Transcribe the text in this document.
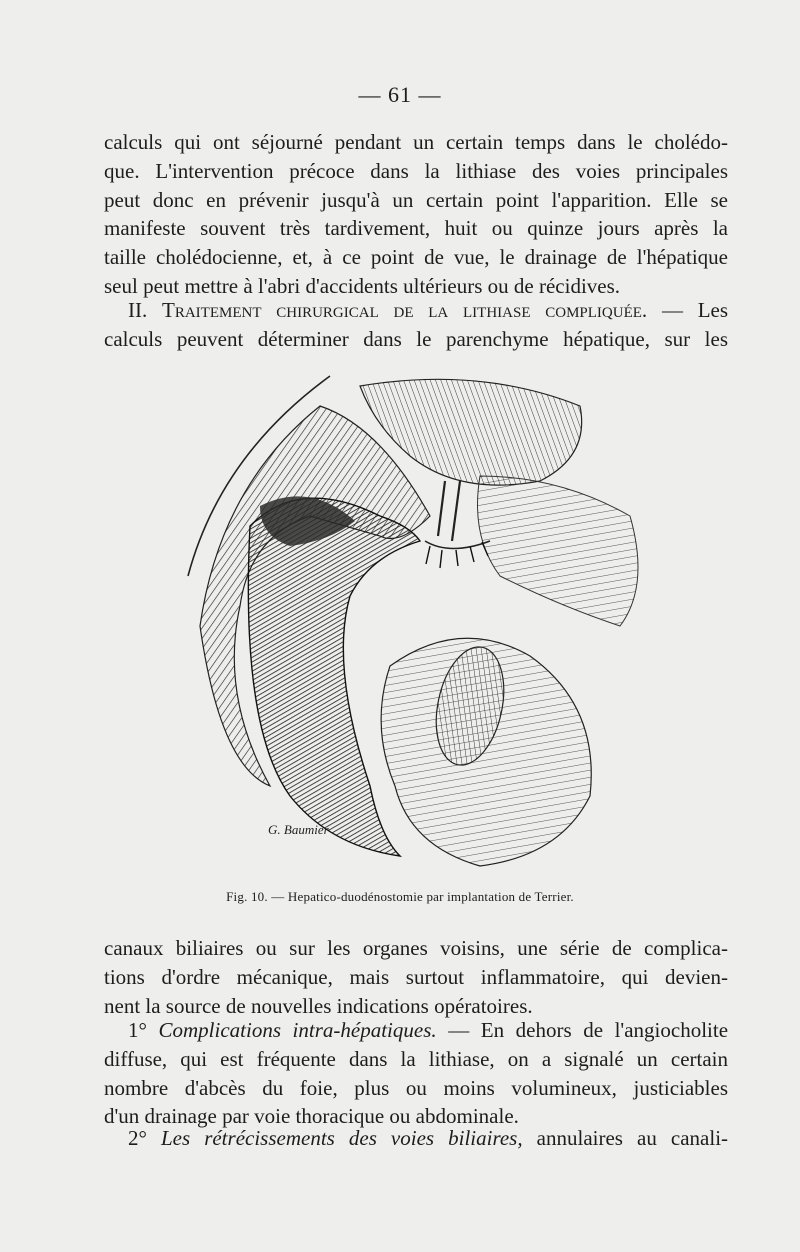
— 61 —
calculs qui ont séjourné pendant un certain temps dans le cholédo-
que. L'intervention précoce dans la lithiase des voies principales
peut donc en prévenir jusqu'à un certain point l'apparition. Elle se
manifeste souvent très tardivement, huit ou quinze jours après la
taille cholédocienne, et, à ce point de vue, le drainage de l'hépatique
seul peut mettre à l'abri d'accidents ultérieurs ou de récidives.
II. Traitement chirurgical de la lithiase compliquée. — Les
calculs peuvent déterminer dans le parenchyme hépatique, sur les
G. Baumier
Fig. 10. — Hepatico-duodénostomie par implantation de Terrier.
canaux biliaires ou sur les organes voisins, une série de complica-
tions d'ordre mécanique, mais surtout inflammatoire, qui devien-
nent la source de nouvelles indications opératoires.
1° Complications intra-hépatiques. — En dehors de l'angiocholite
diffuse, qui est fréquente dans la lithiase, on a signalé un certain
nombre d'abcès du foie, plus ou moins volumineux, justiciables
d'un drainage par voie thoracique ou abdominale.
2° Les rétrécissements des voies biliaires, annulaires au canali-
